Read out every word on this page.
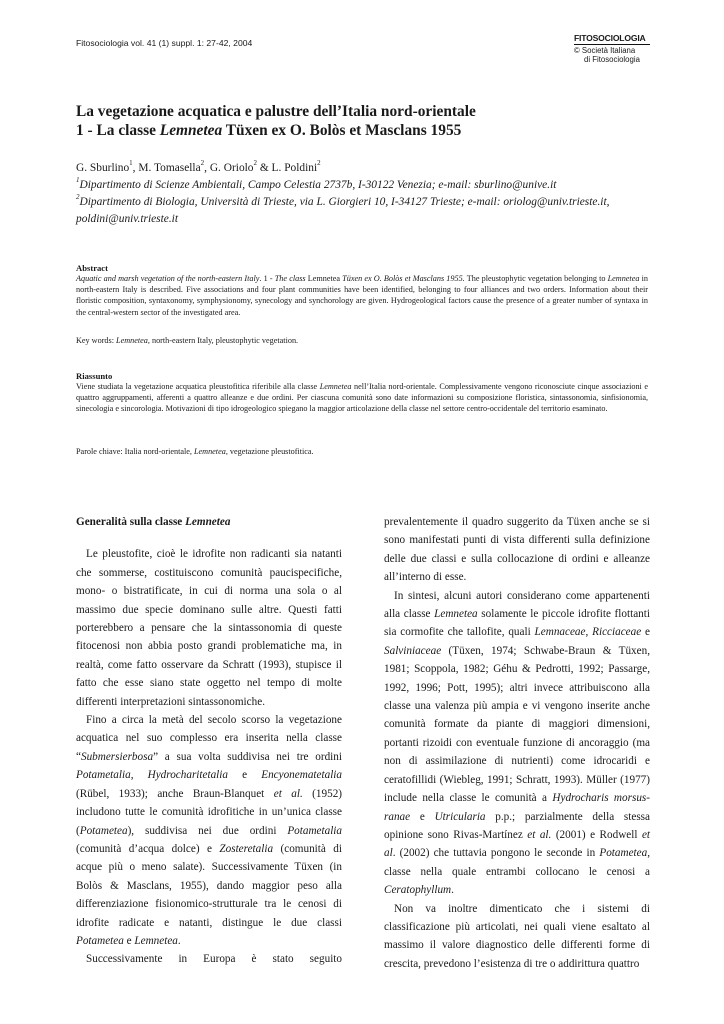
Fitosociologia vol. 41 (1) suppl. 1: 27-42, 2004	FITOSOCIOLOGIA
© Società Italiana
di Fitosociologia
La vegetazione acquatica e palustre dell’Italia nord-orientale
1 - La classe Lemnetea Tüxen ex O. Bolòs et Masclans 1955
G. Sburlino$^1$, M. Tomasella$^2$, G. Oriolo$^2$ & L. Poldini$^2$
$^1$Dipartimento di Scienze Ambientali, Campo Celestia 2737b, I-30122 Venezia; e-mail: sburlino@unive.it
$^2$Dipartimento di Biologia, Università di Trieste, via L. Giorgieri 10, I-34127 Trieste; e-mail: oriolog@univ.trieste.it,
poldini@univ.trieste.it
Abstract
Aquatic and marsh vegetation of the north-eastern Italy. 1 - The class Lemnetea Tüxen ex O. Bolòs et Masclans 1955. The pleustophytic vegetation belonging to Lemnetea in north-eastern Italy is described. Five associations and four plant communities have been identified, belonging to four alliances and two orders. Information about their floristic composition, syntaxonomy, symphysionomy, synecology and synchorology are given. Hydrogeological factors cause the presence of a greater number of syntaxa in the central-western sector of the investigated area.
Key words: Lemnetea, north-eastern Italy, pleustophytic vegetation.
Riassunto
Viene studiata la vegetazione acquatica pleustofitica riferibile alla classe Lemnetea nell’Italia nord-orientale. Complessivamente vengono riconosciute cinque associazioni e quattro aggruppamenti, afferenti a quattro alleanze e due ordini. Per ciascuna comunità sono date informazioni su composizione floristica, sintassonomia, sinfisionomia, sinecologia e sincorologia. Motivazioni di tipo idrogeologico spiegano la maggior articolazione della classe nel settore centro-occidentale del territorio esaminato.
Parole chiave: Italia nord-orientale, Lemnetea, vegetazione pleustofitica.
Generalità sulla classe Lemnetea

Le pleustofite, cioè le idrofite non radicanti sia natanti che sommerse, costituiscono comunità paucispecifiche, mono- o bistratificate, in cui di norma una sola o al massimo due specie dominano sulle altre. Questi fatti porterebbero a pensare che la sintassonomia di queste fitocenosi non abbia posto grandi problematiche ma, in realtà, come fatto osservare da Schratt (1993), stupisce il fatto che esse siano state oggetto nel tempo di molte differenti interpretazioni sintassonomiche.

Fino a circa la metà del secolo scorso la vegetazione acquatica nel suo complesso era inserita nella classe “Submersierbosa” a sua volta suddivisa nei tre ordini Potametalia, Hydrocharitetalia e Encyonematetalia (Rübel, 1933); anche Braun-Blanquet et al. (1952) includono tutte le comunità idrofitiche in un’unica classe (Potametea), suddivisa nei due ordini Potametalia (comunità d’acqua dolce) e Zosteretalia (comunità di acque più o meno salate). Successivamente Tüxen (in Bolòs & Masclans, 1955), dando maggior peso alla differenziazione fisionomico-strutturale tra le cenosi di idrofite radicate e natanti, distingue le due classi Potametea e Lemnetea.

Successivamente in Europa è stato seguito

prevalentemente il quadro suggerito da Tüxen anche se si sono manifestati punti di vista differenti sulla definizione delle due classi e sulla collocazione di ordini e alleanze all’interno di esse.

In sintesi, alcuni autori considerano come appartenenti alla classe Lemnetea solamente le piccole idrofite flottanti sia cormofite che tallofite, quali Lemnaceae, Ricciaceae e Salviniaceae (Tüxen, 1974; Schwabe-Braun & Tüxen, 1981; Scoppola, 1982; Géhu & Pedrotti, 1992; Passarge, 1992, 1996; Pott, 1995); altri invece attribuiscono alla classe una valenza più ampia e vi vengono inserite anche comunità formate da piante di maggiori dimensioni, portanti rizoidi con eventuale funzione di ancoraggio (ma non di assimilazione di nutrienti) come idrocaridi e ceratofillidi (Wiebleg, 1991; Schratt, 1993). Müller (1977) include nella classe le comunità a Hydrocharis morsus-ranae e Utricularia p.p.; parzialmente della stessa opinione sono Rivas-Martínez et al. (2001) e Rodwell et al. (2002) che tuttavia pongono le seconde in Potametea, classe nella quale entrambi collocano le cenosi a Ceratophyllum.

Non va inoltre dimenticato che i sistemi di classificazione più articolati, nei quali viene esaltato al massimo il valore diagnostico delle differenti forme di crescita, prevedono l’esistenza di tre o addirittura quattro
